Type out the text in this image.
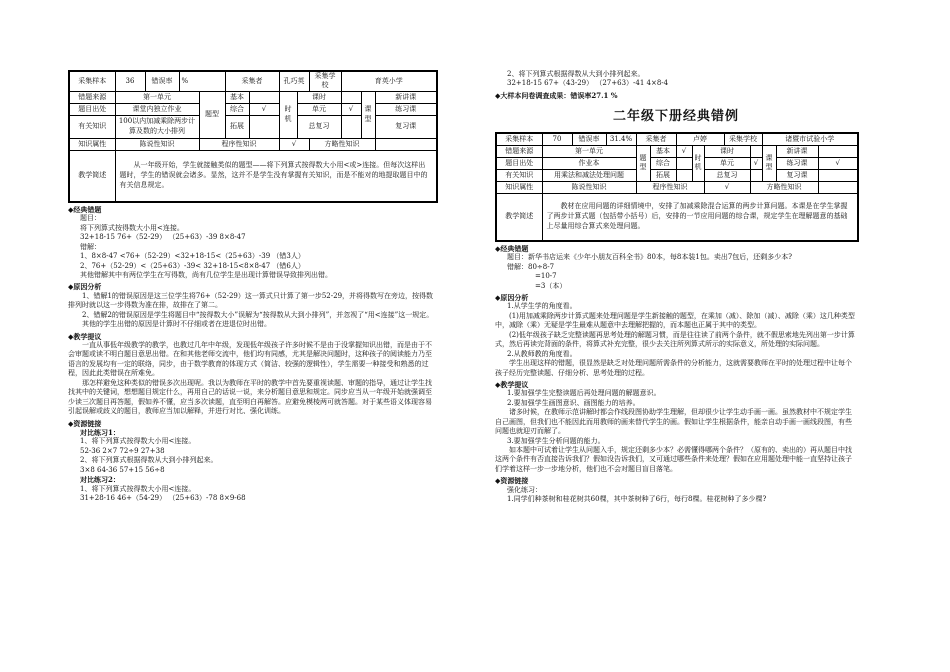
采集样本	36	错误率	%		采集者		孔巧英		采集学校	育英小学		
错题来源	第一单元			题型	基本		时机	课时			课型	新讲课
题目出处	课堂内独立作业				综合	√		单元		√		练习课
有关知识	100以内加减乘除两步计算及数的大小排列				拓展			总复习				复习课
知识属性	陈说性知识			程序性知识			√		方略性知识			
教学简述	从一年级开始，学生就接触类似的题型——将下列算式按得数大小用<或>连接。但每次这样出题时，学生的错误就会诸多。显然，这并不是学生没有掌握有关知识，而是不能对的地提取题目中的有关信息规定。											

◆经典错题

题目：

将下列算式按得数大小用<连接。

32+18-15 76+（52-29） （25+63）-39 8×8-47

错解：

1、8×8-47 <76+（52-29）<32+18-15<（25+63）-39 （错3人）

2、76+（52-29）<（25+63）-39< 32+18-15<8×8-47 （错6人）

其他错解其中有两位学生在写得数，尚有几位学生是出现计算错误导致排列出错。

◆原因分析

1、错解1的错误原因是这三位学生将76+（52-29）这一算式只计算了第一步52-29，并将得数写在旁边，按得数排列时就以这一步得数为准在排，故排在了第二。

2、错解2的错误原因是学生将题目中“按得数大小”误解为“按得数从大到小排列”，并忽视了“用<连接”这一规定。

其他的学生出错的原因是计算时不仔细或者在进退位时出错。

◆教学提议

一直从事低年级教学的教学，也教过几年中年级，发现低年级孩子许多时候不是由于没掌握知识出错，而是由于不会审题或读不明白题目意思出错。在和其他老师交流中，他们均有同感，尤其是解决问题时，这种孩子的阅读能力乃至语言的发展均有一定的联络，同步，由于数学教育的体现方式（简洁、较强的逻辑性），学生需要一种接受和熟悉的过程，因此此类错误在所难免。

那怎样避免这种类似的错误多次出现呢。我以为教师在平时的教学中首先要重视读题、审题的指导，通过让学生找找其中的关键词，想想题目规定什么，再用自己的话说一说，来分析题目意思和规定。同步应当从一年级开始就强调至少读三次题目再答题，假如养不懂，应当多次读题，直至明白再解答。应避免模棱两可就答题。对于某些语义体现容易引起误解或歧义的题目，教师应当加以解释，并进行对比、强化训练。

◆资源链接

对比练习1：

1、将下列算式按得数大小用<连接。

52-36 2×7 72÷9 27+38

2、将下列算式根据得数从大到小排列起来。

3×8 64-36 57+15 56÷8

对比练习2：

1、将下列算式按得数大小用<连接。

31+28-16 46+（54-29） （25+63）-78 8×9-68

2、将下列算式根据得数从大到小排列起来。

32+18-15 67+（43-29） （27+63）-41 4×8-4

◆大样本问卷调查成果：错误率27.1 %

二年级下册经典错例
采集样本	70	错误率	31.4%	采集者		卢婷			采集学校		诸暨市试验小学		
错题来源	第一单元			题型	基本	√	时机	课时			课型	新讲课	
题目出处	作业本				综合			单元		√		练习课	√
有关知识	用乘法和减法处理问题				拓展			总复习				复习课	
知识属性	陈说性知识			程序性知识				√		方略性知识			
教学简述	教材在应用问题的详细情境中，安排了加减乘除混合运算的两步计算问题。本课是在学生掌握了两步计算式题（包括带小括号）后，安排的一节应用问题的综合课，规定学生在理解题意的基础上尽量用综合算式来处理问题。												

◆经典错题

题目：新华书店运来《少年小朋友百科全书》80本，每8本装1包。卖出7包后，还剩多少本?

错解：80÷8-7

=10-7

=3（本）

◆原因分析

1.从学生学的角度看。

(1)用加减乘除两步计算式题来处理问题是学生新接触的题型，在乘加（减）、除加（减）、减除（乘）这几种类型中，减除（乘）无疑是学生最难从题意中去理解把握的，而本题也正属于其中的类型。

(2)低年级孩子缺乏完整读题再思考处理的解题习惯，而是往往读了前两个条件，就不假思索地先列出第一步计算式，然后再读完背面的条件，将算式补充完整，很少去关注所列算式所示的实际意义，所处理的实际问题。

2.从教师教的角度看。

学生出现这样的错题，很显然是缺乏对处理问题所需条件的分析能力，这就需要教师在平时的处理过程中让每个孩子经历完整读题、仔细分析、思考处理的过程。

◆教学提议

1.要加强学生完整读题后再处理问题的解题意识。

2.要加强学生画图意识、画图能力的培养。

诸多时候，在教师示范讲解时都会作线段图协助学生理解，但却很少让学生动手画一画。虽然教材中不规定学生自己画图，但我们也不能因此而用教师的画来替代学生的画。假如让学生根据条件，能亲自动手画一画线段图，有些问题也就迎刃而解了。

3.要加强学生分析问题的能力。

如本题中可试着让学生从问题入手，规定还剩多少本？必需懂得哪两个条件？（原有的、卖出的）再从题目中找这两个条件有否直接告诉我们？假如没告诉我们，又可通过哪些条件来处理？假如在应用题处理中能一直坚持让孩子们学着这样一步一步地分析，他们也不会对题目盲目落笔。

◆资源链接

强化练习：

1.同学们种茶树和桂花树共60棵，其中茶树种了6行，每行8棵。桂花树种了多少棵?
